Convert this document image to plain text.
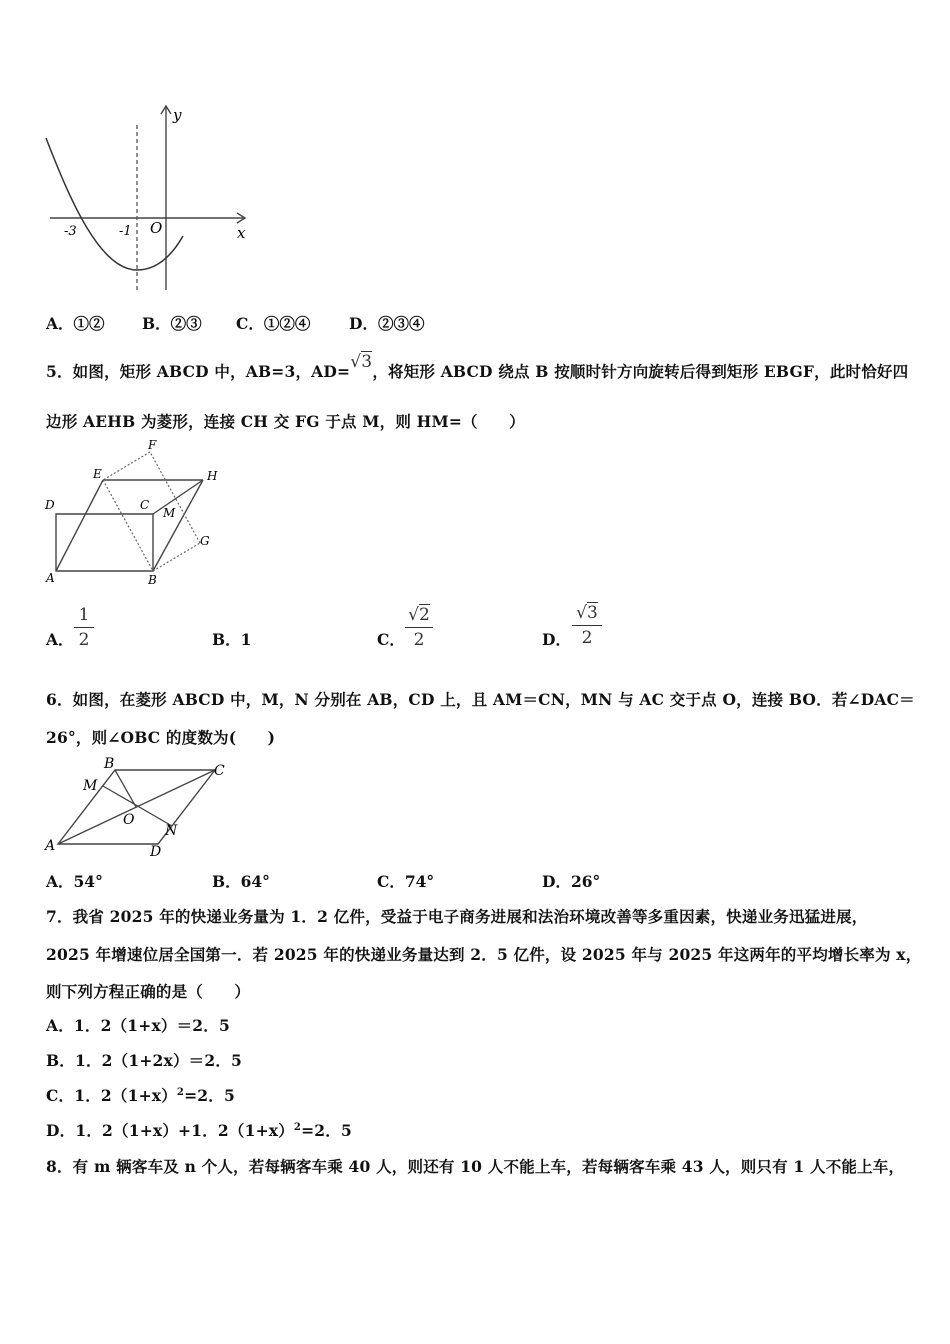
y
x
O
-3	-1
A．①② B．②③ C．①②④ D．②③④
5．如图，矩形 ABCD 中，AB=3，AD=√3，将矩形 ABCD 绕点 B 按顺时针方向旋转后得到矩形 EBGF，此时恰好四
边形 AEHB 为菱形，连接 CH 交 FG 于点 M，则 HM=（　　）
A	B
C
D
E
F
G
H
M
A．
1
2	B．1	C．
√2
2	D．
√3
2
6．如图，在菱形 ABCD 中，M，N 分别在 AB，CD 上，且 AM＝CN，MN 与 AC 交于点 O，连接 BO．若∠DAC＝
26°，则∠OBC 的度数为(　　)
A
B	C
D
M
N
O
A．54°	B．64°	C．74°	D．26°
7．我省 2025 年的快递业务量为 1．2 亿件，受益于电子商务进展和法治环境改善等多重因素，快递业务迅猛进展，
2025 年增速位居全国第一．若 2025 年的快递业务量达到 2．5 亿件，设 2025 年与 2025 年这两年的平均增长率为 x，
则下列方程正确的是（　　）
A．1．2（1+x）＝2．5
B．1．2（1+2x）＝2．5
C．1．$2(1+x)^2=2$．5
D．1．2（1+x）+1．$2(1+x)^2=2$．5
8．有 m 辆客车及 n 个人，若每辆客车乘 40 人，则还有 10 人不能上车，若每辆客车乘 43 人，则只有 1 人不能上车，
